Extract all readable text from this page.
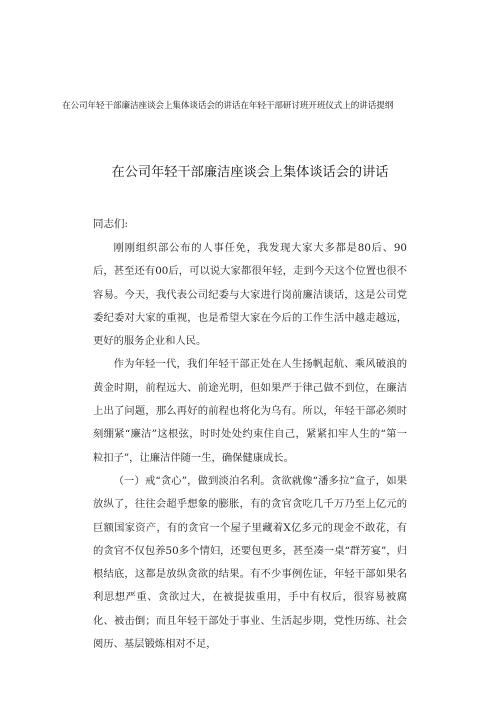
在公司年轻干部廉洁座谈会上集体谈话会的讲话在年轻干部研讨班开班仪式上的讲话提纲
在公司年轻干部廉洁座谈会上集体谈话会的讲话
同志们:

刚刚组织部公布的人事任免，我发现大家大多都是80后、90后，甚至还有00后，可以说大家都很年轻，走到今天这个位置也很不容易。今天，我代表公司纪委与大家进行岗前廉洁谈话，这是公司党委纪委对大家的重视，也是希望大家在今后的工作生活中越走越远，更好的服务企业和人民。

作为年轻一代，我们年轻干部正处在人生扬帆起航、乘风破浪的黄金时期，前程远大、前途光明，但如果严于律己做不到位，在廉洁上出了问题，那么再好的前程也将化为乌有。所以，年轻干部必须时刻绷紧“廉洁”这根弦，时时处处约束住自己，紧紧扣牢人生的“第一粒扣子”，让廉洁伴随一生，确保健康成长。

（一）戒“贪心”，做到淡泊名利。贪欲就像“潘多拉”盒子，如果放纵了，往往会超乎想象的膨胀，有的贪官贪吃几千万乃至上亿元的巨额国家资产，有的贪官一个屋子里藏着X亿多元的现金不敢花，有的贪官不仅包养50多个情妇，还要包更多，甚至凑一桌“群芳宴”，归根结底，这都是放纵贪欲的结果。有不少事例佐证，年轻干部如果名利思想严重、贪欲过大，在被提拔重用，手中有权后，很容易被腐化、被击倒；而且年轻干部处于事业、生活起步期，党性历练、社会阅历、基层锻炼相对不足，
